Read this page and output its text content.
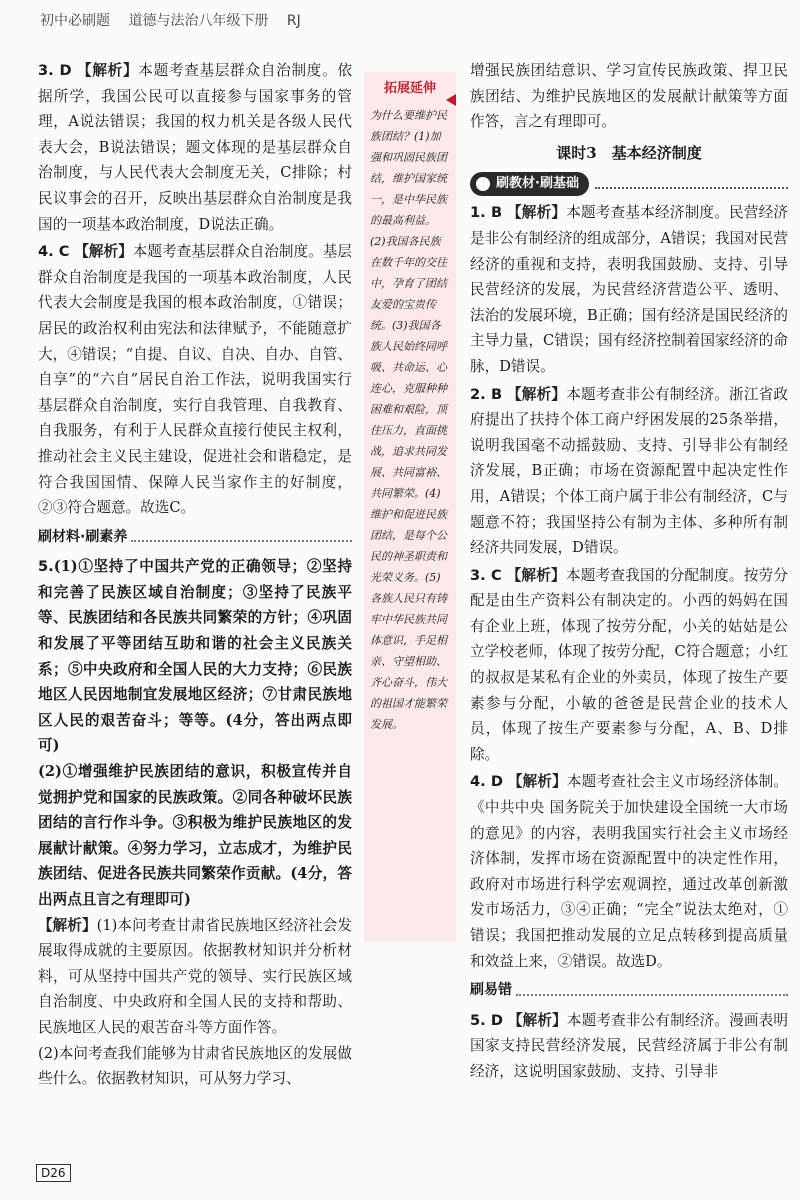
初中必刷题 道德与法治八年级下册 RJ

3. D 【解析】本题考查基层群众自治制度。依据所学，我国公民可以直接参与国家事务的管理，A说法错误；我国的权力机关是各级人民代表大会，B说法错误；题文体现的是基层群众自治制度，与人民代表大会制度无关，C排除；村民议事会的召开，反映出基层群众自治制度是我国的一项基本政治制度，D说法正确。

4. C 【解析】本题考查基层群众自治制度。基层群众自治制度是我国的一项基本政治制度，人民代表大会制度是我国的根本政治制度，①错误；居民的政治权利由宪法和法律赋予，不能随意扩大，④错误；“自提、自议、自决、自办、自管、自享”的“六自”居民自治工作法，说明我国实行基层群众自治制度，实行自我管理、自我教育、自我服务，有利于人民群众直接行使民主权利，推动社会主义民主建设，促进社会和谐稳定，是符合我国国情、保障人民当家作主的好制度，②③符合题意。故选C。

刷材料·刷素养

5.(1)①坚持了中国共产党的正确领导；②坚持和完善了民族区域自治制度；③坚持了民族平等、民族团结和各民族共同繁荣的方针；④巩固和发展了平等团结互助和谐的社会主义民族关系；⑤中央政府和全国人民的大力支持；⑥民族地区人民因地制宜发展地区经济；⑦甘肃民族地区人民的艰苦奋斗；等等。(4分，答出两点即可)

(2)①增强维护民族团结的意识，积极宣传并自觉拥护党和国家的民族政策。②同各种破坏民族团结的言行作斗争。③积极为维护民族地区的发展献计献策。④努力学习，立志成才，为维护民族团结、促进各民族共同繁荣作贡献。(4分，答出两点且言之有理即可)

【解析】(1)本问考查甘肃省民族地区经济社会发展取得成就的主要原因。依据教材知识并分析材料，可从坚持中国共产党的领导、实行民族区域自治制度、中央政府和全国人民的支持和帮助、民族地区人民的艰苦奋斗等方面作答。

(2)本问考查我们能够为甘肃省民族地区的发展做些什么。依据教材知识，可从努力学习、

拓展延伸
为什么要维护民族团结？(1)加强和巩固民族团结，维护国家统一，是中华民族的最高利益。(2)我国各民族在数千年的交往中，孕育了团结友爱的宝贵传统。(3)我国各族人民始终同呼吸、共命运、心连心，克服种种困难和艰险，顶住压力，直面挑战，追求共同发展、共同富裕、共同繁荣。(4)维护和促进民族团结，是每个公民的神圣职责和光荣义务。(5)各族人民只有铸牢中华民族共同体意识，手足相亲、守望相助、齐心奋斗，伟大的祖国才能繁荣发展。

增强民族团结意识、学习宣传民族政策、捍卫民族团结、为维护民族地区的发展献计献策等方面作答，言之有理即可。

课时3　基本经济制度
刷教材·刷基础

1. B 【解析】本题考查基本经济制度。民营经济是非公有制经济的组成部分，A错误；我国对民营经济的重视和支持，表明我国鼓励、支持、引导民营经济的发展，为民营经济营造公平、透明、法治的发展环境，B正确；国有经济是国民经济的主导力量，C错误；国有经济控制着国家经济的命脉，D错误。

2. B 【解析】本题考查非公有制经济。浙江省政府提出了扶持个体工商户纾困发展的25条举措，说明我国毫不动摇鼓励、支持、引导非公有制经济发展，B正确；市场在资源配置中起决定性作用，A错误；个体工商户属于非公有制经济，C与题意不符；我国坚持公有制为主体、多种所有制经济共同发展，D错误。

3. C 【解析】本题考查我国的分配制度。按劳分配是由生产资料公有制决定的。小西的妈妈在国有企业上班，体现了按劳分配，小关的姑姑是公立学校老师，体现了按劳分配，C符合题意；小红的叔叔是某私有企业的外卖员，体现了按生产要素参与分配，小敏的爸爸是民营企业的技术人员，体现了按生产要素参与分配，A、B、D排除。

4. D 【解析】本题考查社会主义市场经济体制。《中共中央 国务院关于加快建设全国统一大市场的意见》的内容，表明我国实行社会主义市场经济体制，发挥市场在资源配置中的决定性作用，政府对市场进行科学宏观调控，通过改革创新激发市场活力，③④正确；“完全”说法太绝对，①错误；我国把推动发展的立足点转移到提高质量和效益上来，②错误。故选D。

刷易错

5. D 【解析】本题考查非公有制经济。漫画表明国家支持民营经济发展，民营经济属于非公有制经济，这说明国家鼓励、支持、引导非

D26
